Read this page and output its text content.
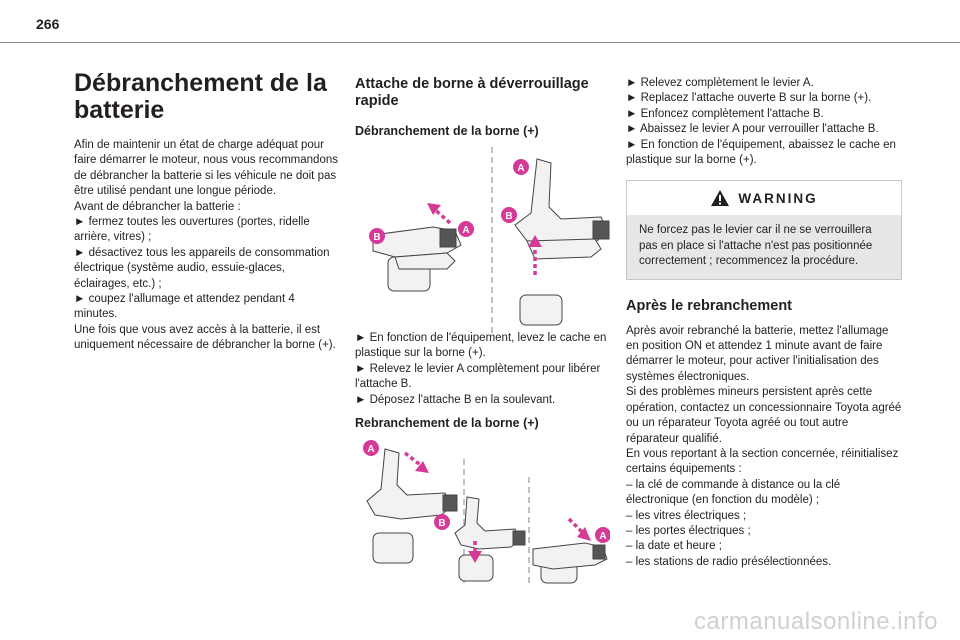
266
Débranchement de la batterie

Afin de maintenir un état de charge adéquat pour faire démarrer le moteur, nous vous recommandons de débrancher la batterie si les véhicule ne doit pas être utilisé pendant une longue période.
Avant de débrancher la batterie :
► fermez toutes les ouvertures (portes, ridelle arrière, vitres) ;
► désactivez tous les appareils de consommation électrique (système audio, essuie-glaces, éclairages, etc.) ;
► coupez l'allumage et attendez pendant 4 minutes.
Une fois que vous avez accès à la batterie, il est uniquement nécessaire de débrancher la borne (+).

Attache de borne à déverrouillage rapide
Débranchement de la borne (+)
A
B
A
B

► En fonction de l'équipement, levez le cache en plastique sur la borne (+).
► Relevez le levier A complètement pour libérer l'attache B.
► Déposez l'attache B en la soulevant.

Rebranchement de la borne (+)
A
B
A

► Relevez complètement le levier A.
► Replacez l'attache ouverte B sur la borne (+).
► Enfoncez complètement l'attache B.
► Abaissez le levier A pour verrouiller l'attache B.
► En fonction de l'équipement, abaissez le cache en plastique sur la borne (+).

WARNING
Ne forcez pas le levier car il ne se verrouillera pas en place si l'attache n'est pas positionnée correctement ; recommencez la procédure.
Après le rebranchement

Après avoir rebranché la batterie, mettez l'allumage en position ON et attendez 1 minute avant de faire démarrer le moteur, pour activer l'initialisation des systèmes électroniques.
Si des problèmes mineurs persistent après cette opération, contactez un concessionnaire Toyota agréé ou un réparateur Toyota agréé ou tout autre réparateur qualifié.
En vous reportant à la section concernée, réinitialisez certains équipements :
– la clé de commande à distance ou la clé électronique (en fonction du modèle) ;
– les vitres électriques ;
– les portes électriques ;
– la date et heure ;
– les stations de radio présélectionnées.

carmanualsonline.info
